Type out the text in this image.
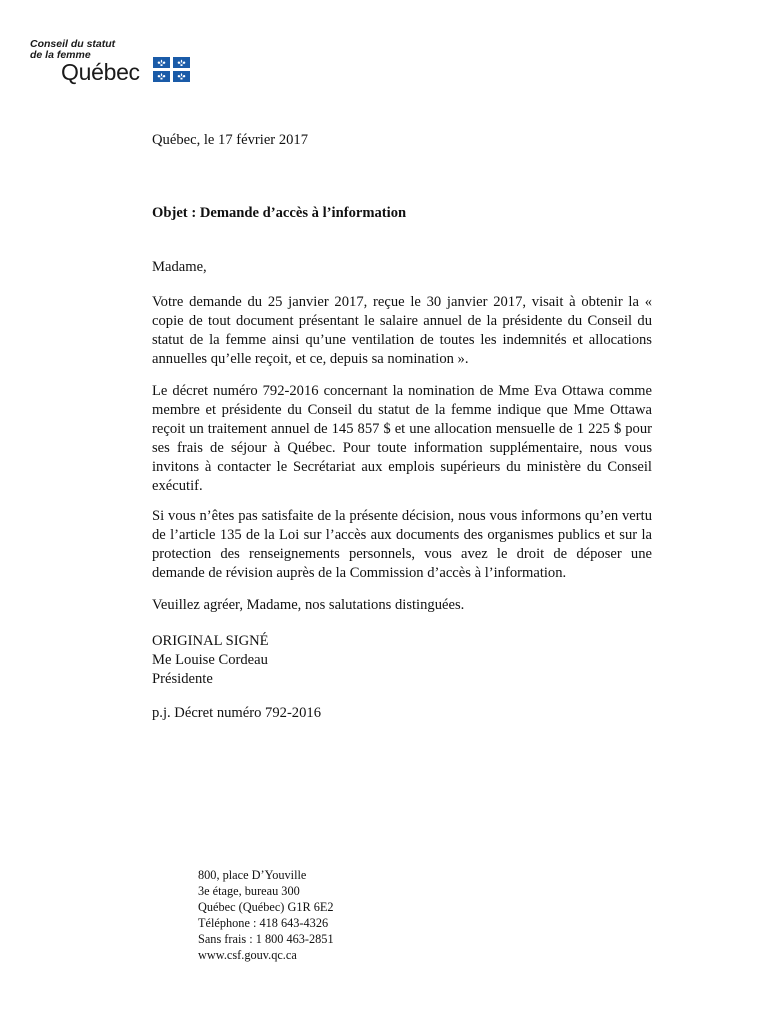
Conseil du statut
de la femme
Québec
Québec, le 17 février 2017
Objet : Demande d’accès à l’information
Madame,
Votre demande du 25 janvier 2017, reçue le 30 janvier 2017, visait à obtenir la « copie de tout document présentant le salaire annuel de la présidente du Conseil du statut de la femme ainsi qu’une ventilation de toutes les indemnités et allocations annuelles qu’elle reçoit, et ce, depuis sa nomination ».
Le décret numéro 792-2016 concernant la nomination de Mme Eva Ottawa comme membre et présidente du Conseil du statut de la femme indique que Mme Ottawa reçoit un traitement annuel de 145 857 $ et une allocation mensuelle de 1 225 $ pour ses frais de séjour à Québec. Pour toute information supplémentaire, nous vous invitons à contacter le Secrétariat aux emplois supérieurs du ministère du Conseil exécutif.
Si vous n’êtes pas satisfaite de la présente décision, nous vous informons qu’en vertu de l’article 135 de la Loi sur l’accès aux documents des organismes publics et sur la protection des renseignements personnels, vous avez le droit de déposer une demande de révision auprès de la Commission d’accès à l’information.
Veuillez agréer, Madame, nos salutations distinguées.
ORIGINAL SIGNÉ
Me Louise Cordeau
Présidente
p.j. Décret numéro 792-2016
800, place D’Youville
3e étage, bureau 300
Québec (Québec) G1R 6E2
Téléphone : 418 643-4326
Sans frais : 1 800 463-2851
www.csf.gouv.qc.ca
